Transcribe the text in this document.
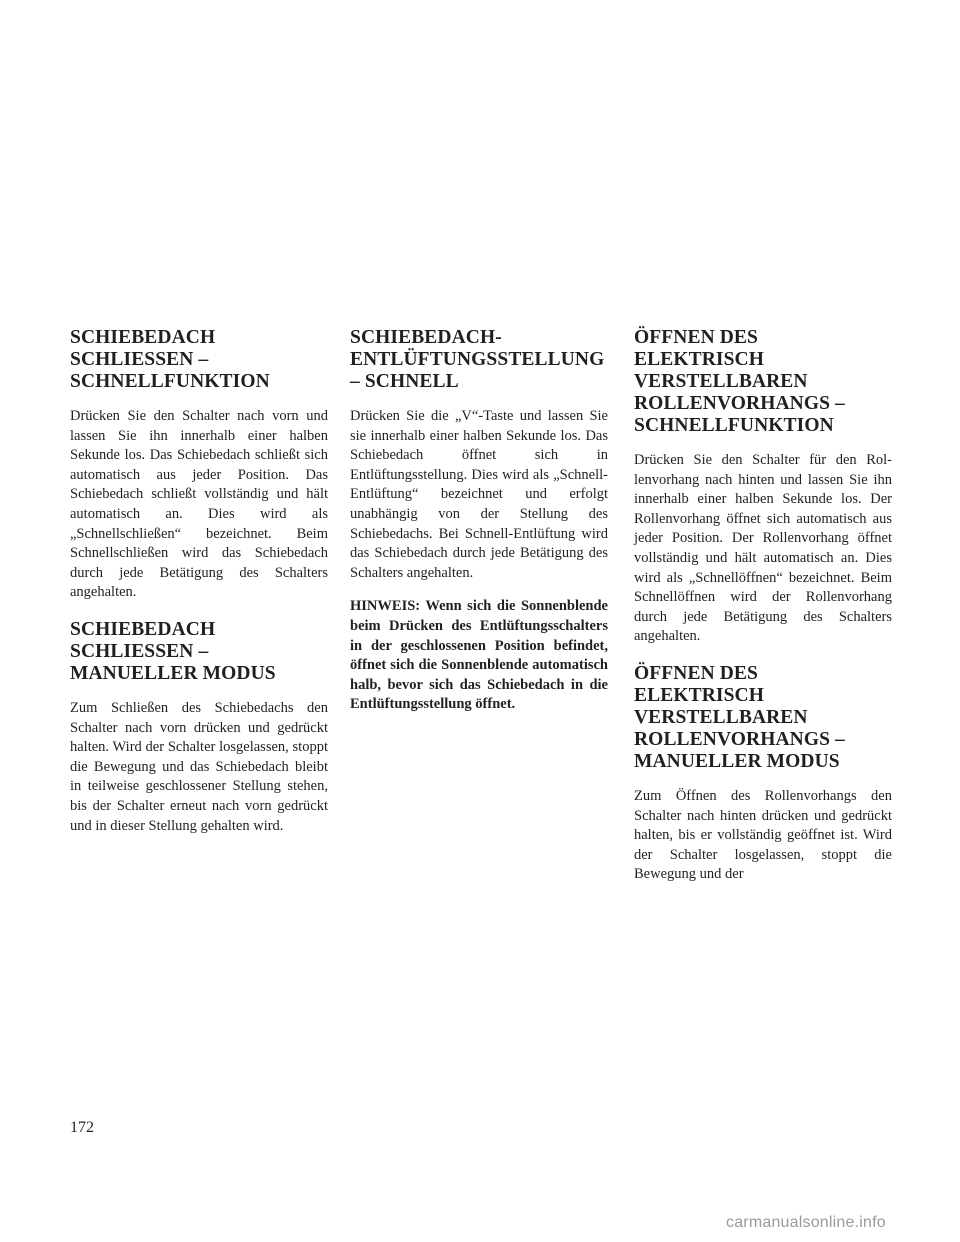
SCHIEBEDACH SCHLIESSEN – SCHNELLFUNKTION

Drücken Sie den Schalter nach vorn und lassen Sie ihn innerhalb einer halben Sekunde los. Das Schiebedach schließt sich automatisch aus jeder Position. Das Schiebedach schließt vollständig und hält automatisch an. Dies wird als „Schnellschließen“ bezeichnet. Beim Schnellschließen wird das Schiebedach durch jede Betätigung des Schalters angehalten.

SCHIEBEDACH SCHLIESSEN – MANUELLER MODUS

Zum Schließen des Schiebedachs den Schalter nach vorn drücken und gedrückt halten. Wird der Schalter losgelassen, stoppt die Bewegung und das Schiebedach bleibt in teilweise geschlossener Stellung stehen, bis der Schalter erneut nach vorn gedrückt und in dieser Stellung gehalten wird.

SCHIEBEDACH-ENTLÜFTUNGSSTELLUNG – SCHNELL

Drücken Sie die „V“-Taste und lassen Sie sie innerhalb einer halben Sekunde los. Das Schiebedach öffnet sich in Entlüftungsstellung. Dies wird als „Schnell-Entlüftung“ bezeichnet und erfolgt unabhängig von der Stellung des Schiebedachs. Bei Schnell-Entlüftung wird das Schiebedach durch jede Betätigung des Schalters angehalten.

HINWEIS: Wenn sich die Sonnenblende beim Drücken des Entlüftungsschalters in der geschlossenen Position befindet, öffnet sich die Sonnenblende automatisch halb, bevor sich das Schiebedach in die Entlüftungsstellung öffnet.

ÖFFNEN DES ELEKTRISCH VERSTELLBAREN ROLLENVORHANGS – SCHNELLFUNKTION

Drücken Sie den Schalter für den Rollenvorhang nach hinten und lassen Sie ihn innerhalb einer halben Sekunde los. Der Rollenvorhang öffnet sich automatisch aus jeder Position. Der Rollenvorhang öffnet vollständig und hält automatisch an. Dies wird als „Schnellöffnen“ bezeichnet. Beim Schnellöffnen wird der Rollenvorhang durch jede Betätigung des Schalters angehalten.

ÖFFNEN DES ELEKTRISCH VERSTELLBAREN ROLLENVORHANGS – MANUELLER MODUS

Zum Öffnen des Rollenvorhangs den Schalter nach hinten drücken und gedrückt halten, bis er vollständig geöffnet ist. Wird der Schalter losgelassen, stoppt die Bewegung und der

172
carmanualsonline.info
